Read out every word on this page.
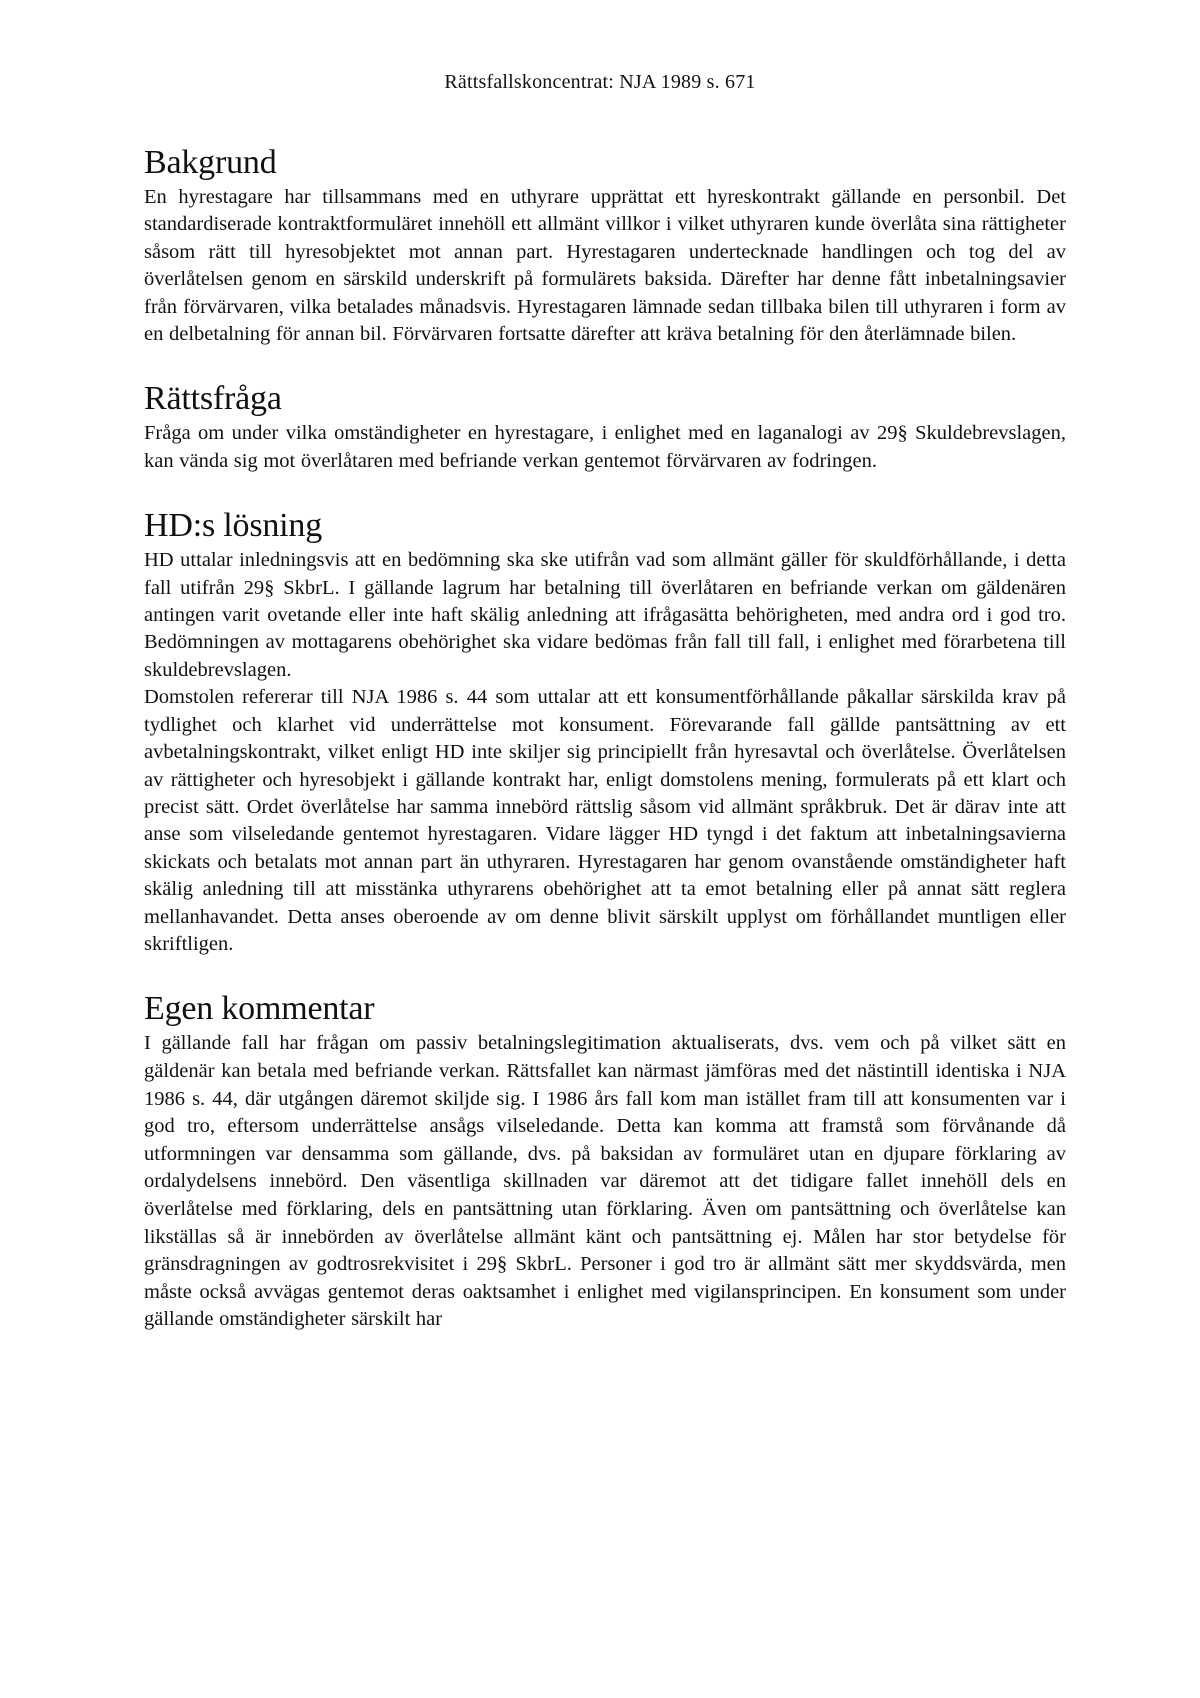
Rättsfallskoncentrat: NJA 1989 s. 671
Bakgrund

En hyrestagare har tillsammans med en uthyrare upprättat ett hyreskontrakt gällande en personbil. Det standardiserade kontraktformuläret innehöll ett allmänt villkor i vilket uthyraren kunde överlåta sina rättigheter såsom rätt till hyresobjektet mot annan part. Hyrestagaren undertecknade handlingen och tog del av överlåtelsen genom en särskild underskrift på formulärets baksida. Därefter har denne fått inbetalningsavier från förvärvaren, vilka betalades månadsvis. Hyrestagaren lämnade sedan tillbaka bilen till uthyraren i form av en delbetalning för annan bil. Förvärvaren fortsatte därefter att kräva betalning för den återlämnade bilen.

Rättsfråga

Fråga om under vilka omständigheter en hyrestagare, i enlighet med en laganalogi av 29§ Skuldebrevslagen, kan vända sig mot överlåtaren med befriande verkan gentemot förvärvaren av fodringen.

HD:s lösning

HD uttalar inledningsvis att en bedömning ska ske utifrån vad som allmänt gäller för skuldförhållande, i detta fall utifrån 29§ SkbrL. I gällande lagrum har betalning till överlåtaren en befriande verkan om gäldenären antingen varit ovetande eller inte haft skälig anledning att ifrågasätta behörigheten, med andra ord i god tro. Bedömningen av mottagarens obehörighet ska vidare bedömas från fall till fall, i enlighet med förarbetena till skuldebrevslagen.

Domstolen refererar till NJA 1986 s. 44 som uttalar att ett konsumentförhållande påkallar särskilda krav på tydlighet och klarhet vid underrättelse mot konsument. Förevarande fall gällde pantsättning av ett avbetalningskontrakt, vilket enligt HD inte skiljer sig principiellt från hyresavtal och överlåtelse. Överlåtelsen av rättigheter och hyresobjekt i gällande kontrakt har, enligt domstolens mening, formulerats på ett klart och precist sätt. Ordet överlåtelse har samma innebörd rättslig såsom vid allmänt språkbruk. Det är därav inte att anse som vilseledande gentemot hyrestagaren. Vidare lägger HD tyngd i det faktum att inbetalningsavierna skickats och betalats mot annan part än uthyraren. Hyrestagaren har genom ovanstående omständigheter haft skälig anledning till att misstänka uthyrarens obehörighet att ta emot betalning eller på annat sätt reglera mellanhavandet. Detta anses oberoende av om denne blivit särskilt upplyst om förhållandet muntligen eller skriftligen.

Egen kommentar

I gällande fall har frågan om passiv betalningslegitimation aktualiserats, dvs. vem och på vilket sätt en gäldenär kan betala med befriande verkan. Rättsfallet kan närmast jämföras med det nästintill identiska i NJA 1986 s. 44, där utgången däremot skiljde sig. I 1986 års fall kom man istället fram till att konsumenten var i god tro, eftersom underrättelse ansågs vilseledande. Detta kan komma att framstå som förvånande då utformningen var densamma som gällande, dvs. på baksidan av formuläret utan en djupare förklaring av ordalydelsens innebörd. Den väsentliga skillnaden var däremot att det tidigare fallet innehöll dels en överlåtelse med förklaring, dels en pantsättning utan förklaring. Även om pantsättning och överlåtelse kan likställas så är innebörden av överlåtelse allmänt känt och pantsättning ej. Målen har stor betydelse för gränsdragningen av godtrosrekvisitet i 29§ SkbrL. Personer i god tro är allmänt sätt mer skyddsvärda, men måste också avvägas gentemot deras oaktsamhet i enlighet med vigilansprincipen. En konsument som under gällande omständigheter särskilt har
